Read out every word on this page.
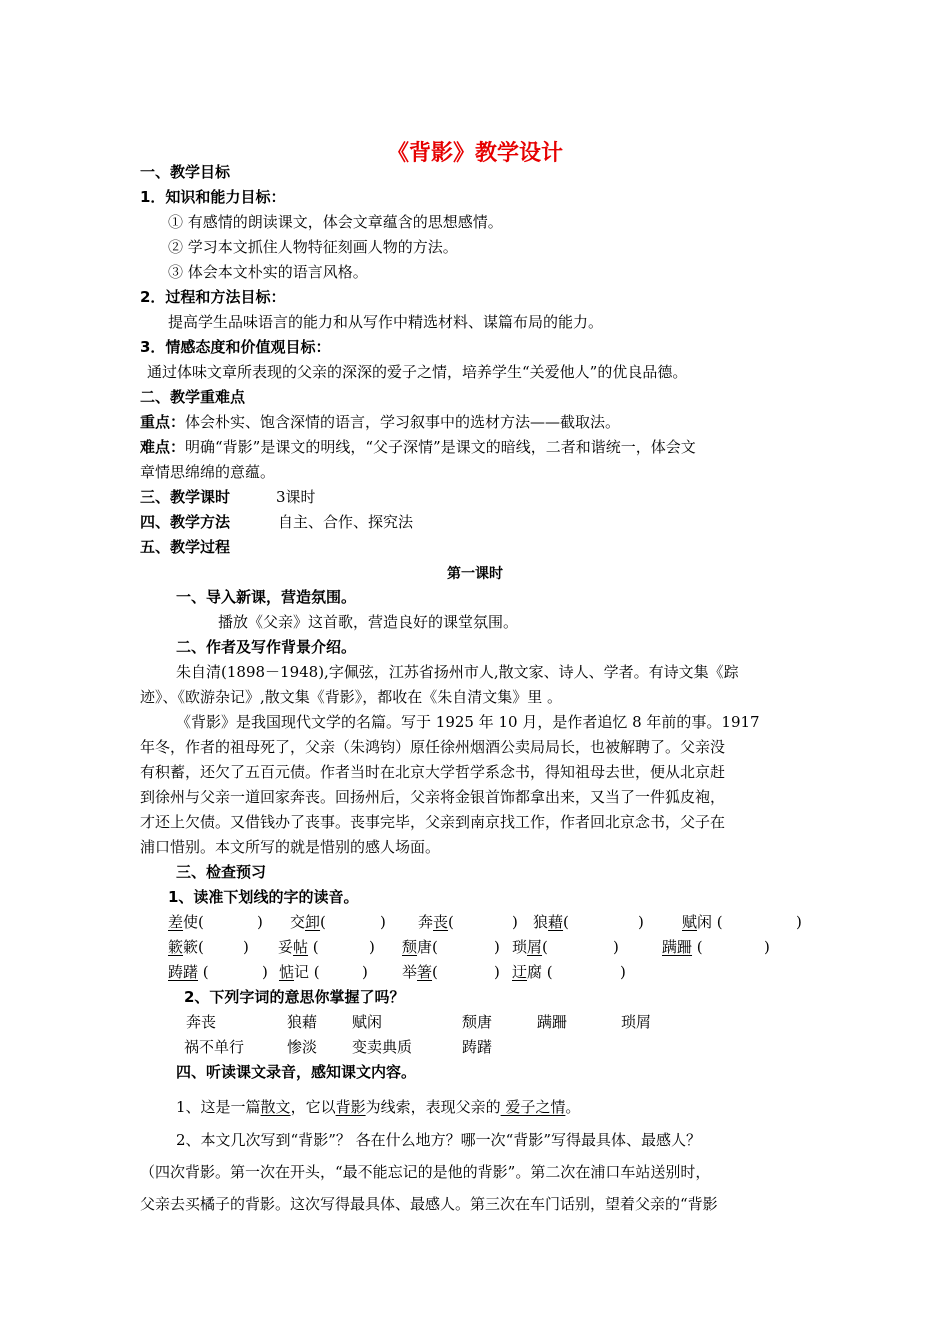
《背影》教学设计
一、教学目标
1．知识和能力目标：
① 有感情的朗读课文，体会文章蕴含的思想感情。
② 学习本文抓住人物特征刻画人物的方法。
③ 体会本文朴实的语言风格。
2．过程和方法目标：
提高学生品味语言的能力和从写作中精选材料、谋篇布局的能力。
3．情感态度和价值观目标：
通过体味文章所表现的父亲的深深的爱子之情，培养学生“关爱他人”的优良品德。
二、教学重难点
重点：体会朴实、饱含深情的语言，学习叙事中的选材方法——截取法。
难点：明确“背影”是课文的明线，“父子深情”是课文的暗线，二者和谐统一，体会文
章情思绵绵的意蕴。
三、教学课时	3课时
四、教学方法	自主、合作、探究法
五、教学过程
第一课时
一、导入新课，营造氛围。
播放《父亲》这首歌，营造良好的课堂氛围。
二、作者及写作背景介绍。
朱自清(1898－1948),字佩弦，江苏省扬州市人,散文家、诗人、学者。有诗文集《踪
迹》、《欧游杂记》,散文集《背影》，都收在《朱自清文集》里 。
《背影》是我国现代文学的名篇。写于 1925 年 10 月，是作者追忆 8 年前的事。1917
年冬，作者的祖母死了，父亲（朱鸿钧）原任徐州烟酒公卖局局长，也被解聘了。父亲没
有积蓄，还欠了五百元债。作者当时在北京大学哲学系念书，得知祖母去世，便从北京赶
到徐州与父亲一道回家奔丧。回扬州后，父亲将金银首饰都拿出来，又当了一件狐皮袍，
才还上欠债。又借钱办了丧事。丧事完毕，父亲到南京找工作，作者回北京念书，父子在
浦口惜别。本文所写的就是惜别的感人场面。
三、检查预习
1、读准下划线的字的读音。
差使(	) 交卸(	) 奔丧(	) 狼藉(	)	赋闲 (	)
簌簌(	) 妥帖 (	) 颓唐(	) 琐屑(	)	蹒跚 (	)
踌躇 (	) 惦记 (	) 举箸(	) 迂腐 (	)
2、下列字词的意思你掌握了吗？
奔丧	狼藉 赋闲	颓唐	蹒跚	琐屑
祸不单行	惨淡 变卖典质	踌躇
四、听读课文录音，感知课文内容。
1、这是一篇散文，它以背影为线索，表现父亲的 爱子之情。
2、本文几次写到“背影”？ 各在什么地方？哪一次“背影”写得最具体、最感人？
（四次背影。第一次在开头，“最不能忘记的是他的背影”。第二次在浦口车站送别时，
父亲去买橘子的背影。这次写得最具体、最感人。第三次在车门话别，望着父亲的“背影
